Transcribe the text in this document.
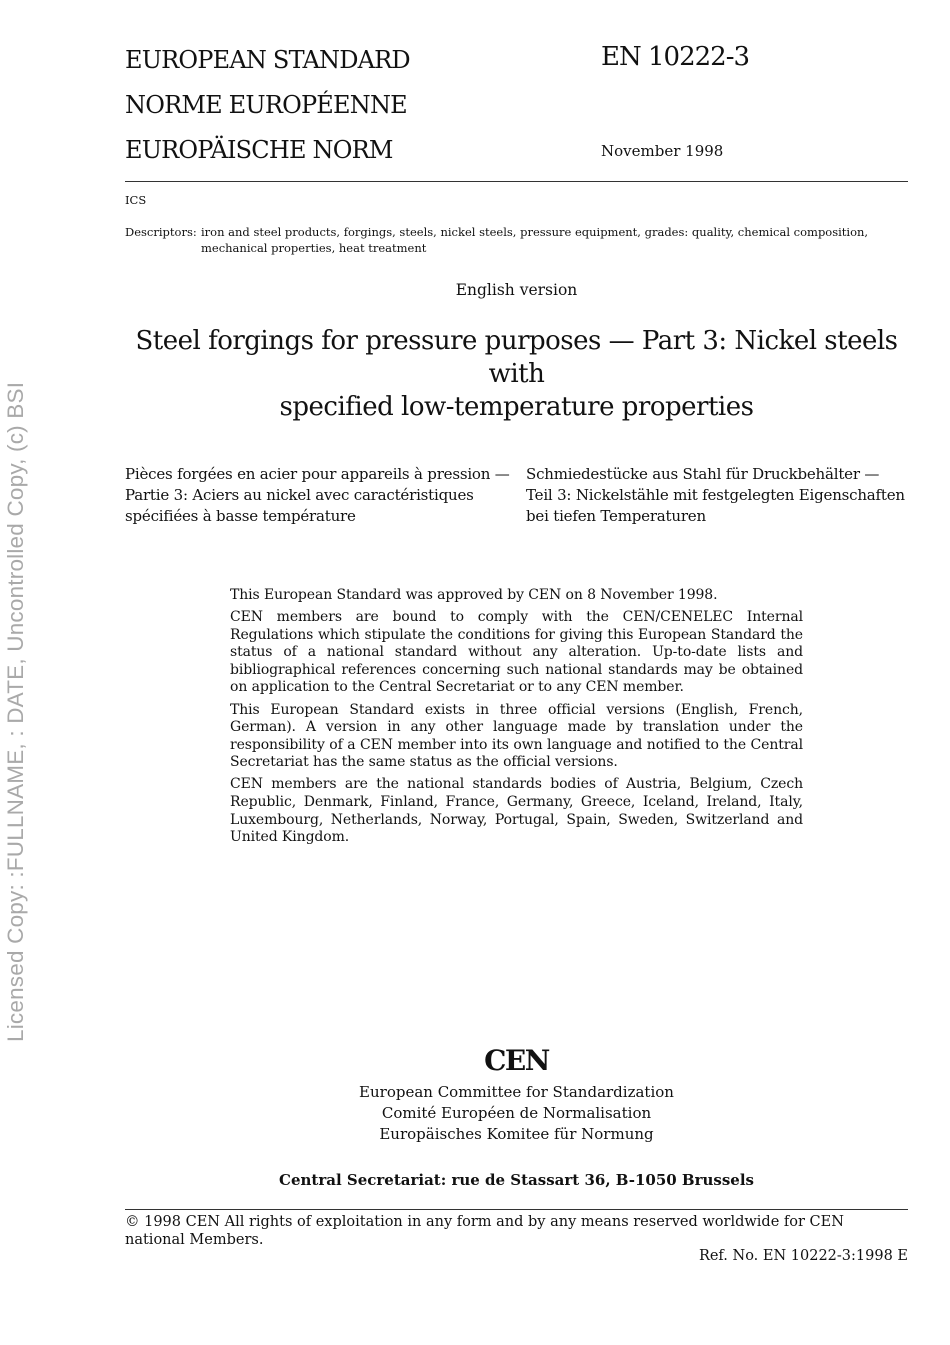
Licensed Copy: :FULLNAME, : DATE, Uncontrolled Copy, (c) BSI
EUROPEAN STANDARD
NORME EUROPÉENNE
EUROPÄISCHE NORM
EN 10222-3
November 1998
ICS
Descriptors: iron and steel products, forgings, steels, nickel steels, pressure equipment, grades: quality, chemical composition, mechanical properties, heat treatment
English version
Steel forgings for pressure purposes — Part 3: Nickel steels with
specified low-temperature properties
Pièces forgées en acier pour appareils à pression — Partie 3: Aciers au nickel avec caractéristiques spécifiées à basse température
Schmiedestücke aus Stahl für Druckbehälter — Teil 3: Nickelstähle mit festgelegten Eigenschaften bei tiefen Temperaturen

This European Standard was approved by CEN on 8 November 1998.

CEN members are bound to comply with the CEN/CENELEC Internal Regulations which stipulate the conditions for giving this European Standard the status of a national standard without any alteration. Up-to-date lists and bibliographical references concerning such national standards may be obtained on application to the Central Secretariat or to any CEN member.

This European Standard exists in three official versions (English, French, German). A version in any other language made by translation under the responsibility of a CEN member into its own language and notified to the Central Secretariat has the same status as the official versions.

CEN members are the national standards bodies of Austria, Belgium, Czech Republic, Denmark, Finland, France, Germany, Greece, Iceland, Ireland, Italy, Luxembourg, Netherlands, Norway, Portugal, Spain, Sweden, Switzerland and United Kingdom.

CEN
European Committee for Standardization
Comité Européen de Normalisation
Europäisches Komitee für Normung
Central Secretariat: rue de Stassart 36, B-1050 Brussels
© 1998 CEN All rights of exploitation in any form and by any means reserved worldwide for CEN national Members.
Ref. No. EN 10222-3:1998 E
